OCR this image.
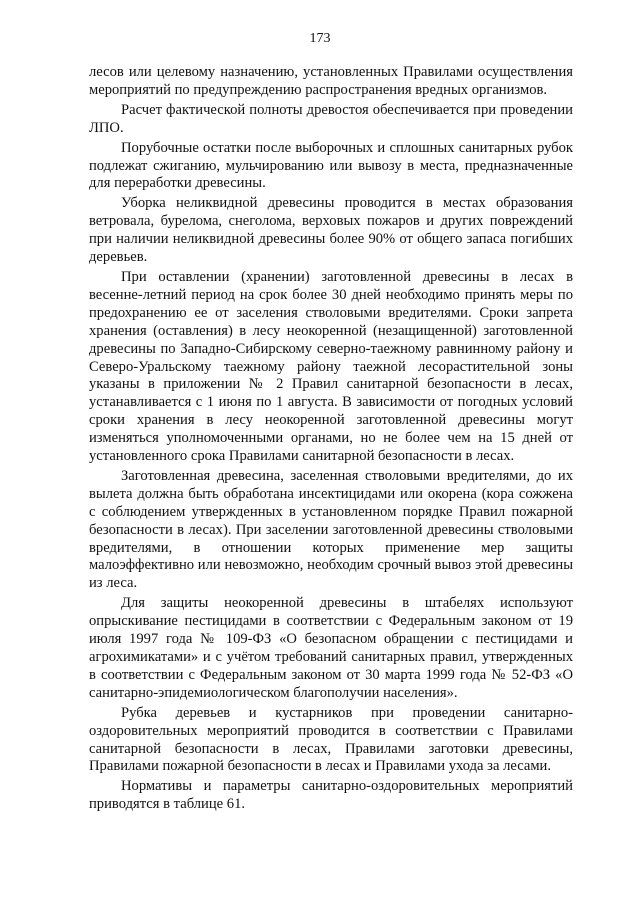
173

лесов или целевому назначению, установленных Правилами осуществления мероприятий по предупреждению распространения вредных организмов.

Расчет фактической полноты древостоя обеспечивается при проведении ЛПО.

Порубочные остатки после выборочных и сплошных санитарных рубок подлежат сжиганию, мульчированию или вывозу в места, предназначенные для переработки древесины.

Уборка неликвидной древесины проводится в местах образования ветровала, бурелома, снеголома, верховых пожаров и других повреждений при наличии неликвидной древесины более 90% от общего запаса погибших деревьев.

При оставлении (хранении) заготовленной древесины в лесах в весенне-летний период на срок более 30 дней необходимо принять меры по предохранению ее от заселения стволовыми вредителями. Сроки запрета хранения (оставления) в лесу неокоренной (незащищенной) заготовленной древесины по Западно-Сибирскому северно-таежному равнинному району и Северо-Уральскому таежному району таежной лесорастительной зоны указаны в приложении № 2 Правил санитарной безопасности в лесах, устанавливается с 1 июня по 1 августа. В зависимости от погодных условий сроки хранения в лесу неокоренной заготовленной древесины могут изменяться уполномоченными органами, но не более чем на 15 дней от установленного срока Правилами санитарной безопасности в лесах.

Заготовленная древесина, заселенная стволовыми вредителями, до их вылета должна быть обработана инсектицидами или окорена (кора сожжена с соблюдением утвержденных в установленном порядке Правил пожарной безопасности в лесах). При заселении заготовленной древесины стволовыми вредителями, в отношении которых применение мер защиты малоэффективно или невозможно, необходим срочный вывоз этой древесины из леса.

Для защиты неокоренной древесины в штабелях используют опрыскивание пестицидами в соответствии с Федеральным законом от 19 июля 1997 года № 109-ФЗ «О безопасном обращении с пестицидами и агрохимикатами» и с учётом требований санитарных правил, утвержденных в соответствии с Федеральным законом от 30 марта 1999 года № 52-ФЗ «О санитарно-эпидемиологическом благополучии населения».

Рубка деревьев и кустарников при проведении санитарно-оздоровительных мероприятий проводится в соответствии с Правилами санитарной безопасности в лесах, Правилами заготовки древесины, Правилами пожарной безопасности в лесах и Правилами ухода за лесами.

Нормативы и параметры санитарно-оздоровительных мероприятий приводятся в таблице 61.
